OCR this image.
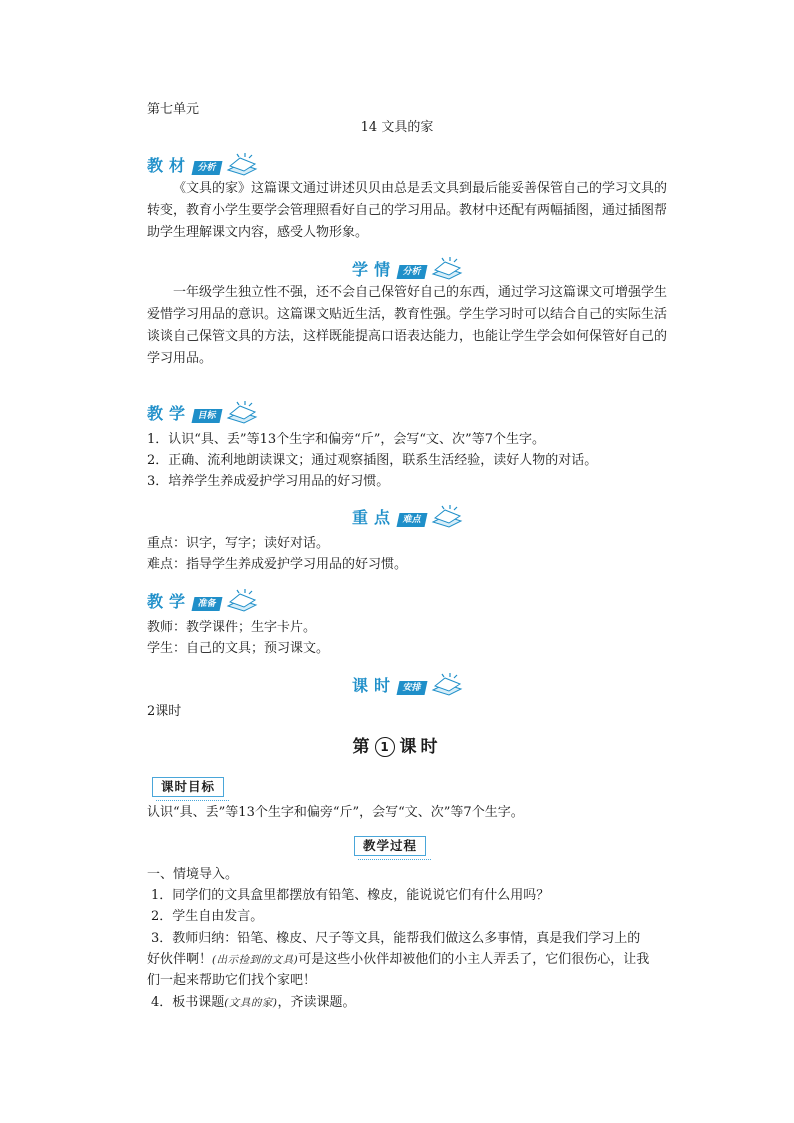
第七单元
14 文具的家
教材 分析
《文具的家》这篇课文通过讲述贝贝由总是丢文具到最后能妥善保管自己的学习文具的转变，教育小学生要学会管理照看好自己的学习用品。教材中还配有两幅插图，通过插图帮助学生理解课文内容，感受人物形象。
学情 分析
一年级学生独立性不强，还不会自己保管好自己的东西，通过学习这篇课文可增强学生爱惜学习用品的意识。这篇课文贴近生活，教育性强。学生学习时可以结合自己的实际生活谈谈自己保管文具的方法，这样既能提高口语表达能力，也能让学生学会如何保管好自己的学习用品。
教学 目标
1．认识“具、丢”等13个生字和偏旁“斤”，会写“文、次”等7个生字。
2．正确、流利地朗读课文；通过观察插图，联系生活经验，读好人物的对话。
3．培养学生养成爱护学习用品的好习惯。
重点 难点
重点：识字，写字；读好对话。
难点：指导学生养成爱护学习用品的好习惯。
教学 准备
教师：教学课件；生字卡片。
学生：自己的文具；预习课文。
课时 安排
2课时
第 1 课时
课时目标
认识“具、丢”等13个生字和偏旁“斤”，会写“文、次”等7个生字。
教学过程
一、情境导入。
1．同学们的文具盒里都摆放有铅笔、橡皮，能说说它们有什么用吗？
2．学生自由发言。
3．教师归纳：铅笔、橡皮、尺子等文具，能帮我们做这么多事情，真是我们学习上的
好伙伴啊！(出示捡到的文具)可是这些小伙伴却被他们的小主人弄丢了，它们很伤心，让我
们一起来帮助它们找个家吧！
4．板书课题(文具的家)，齐读课题。
